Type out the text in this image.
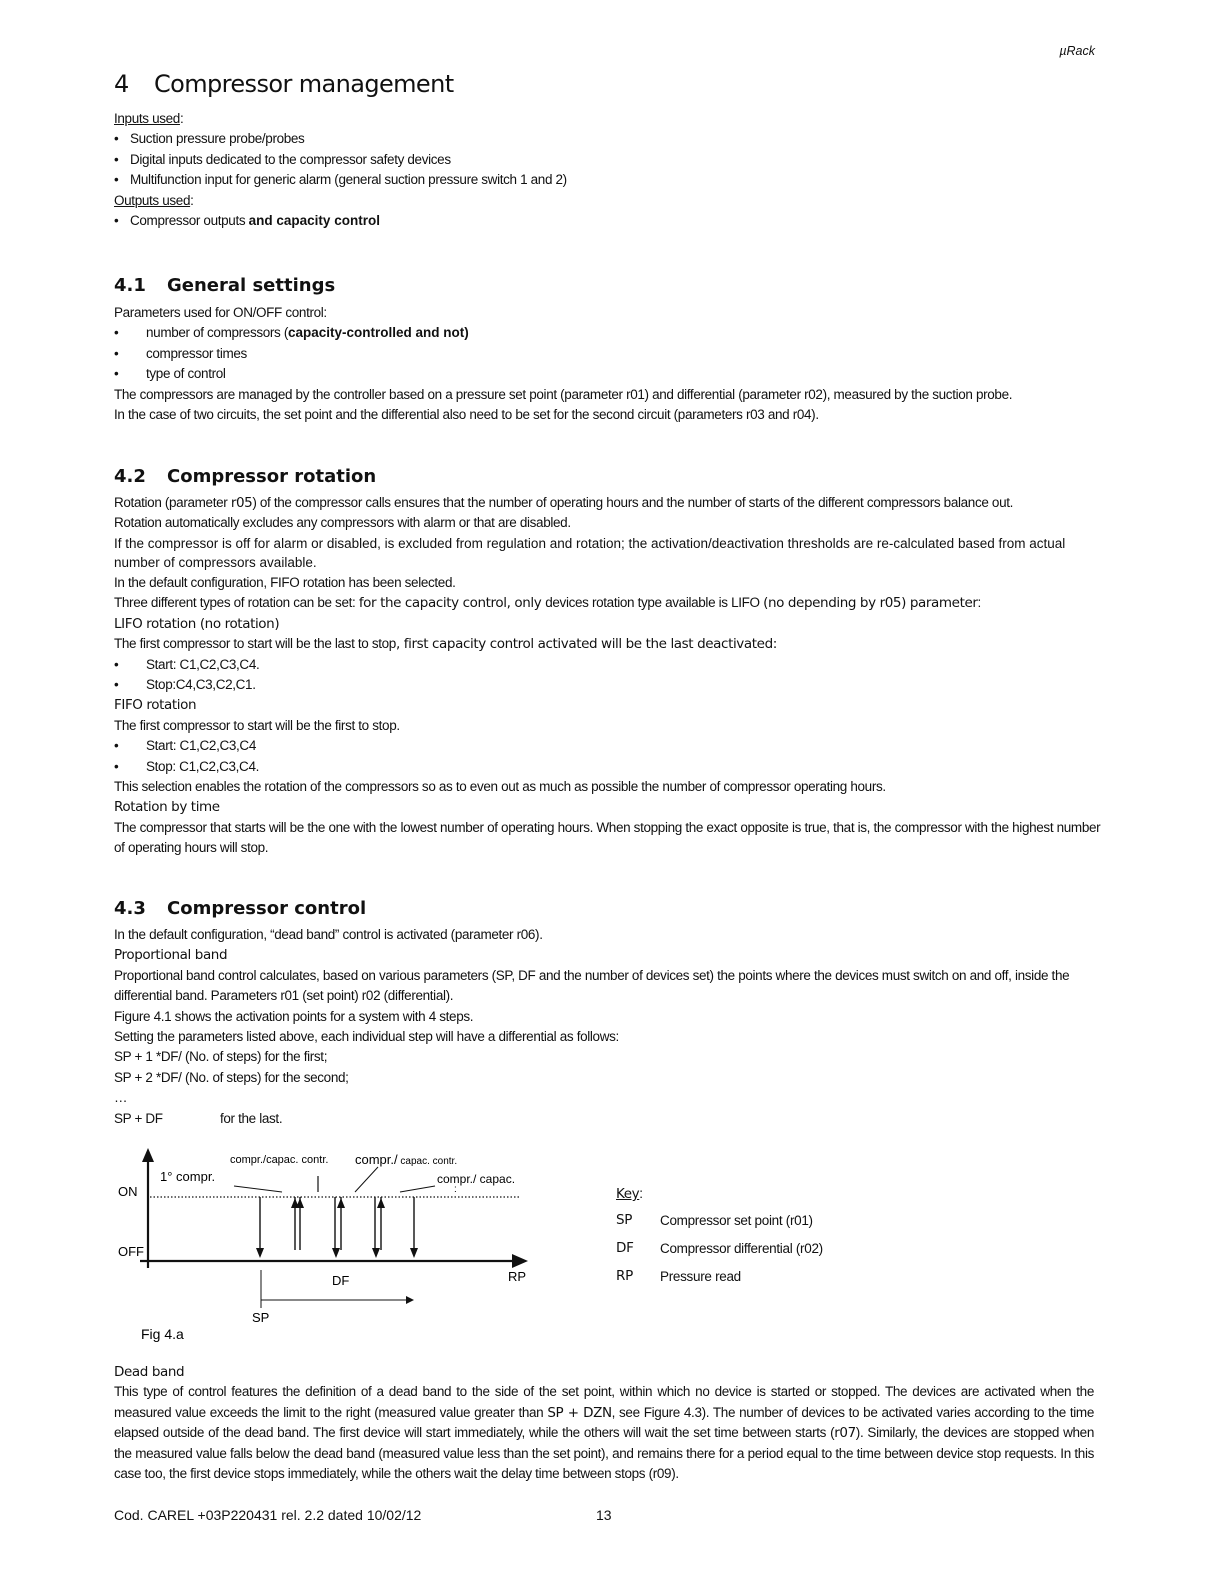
µRack
4 Compressor management
Inputs used:
• Suction pressure probe/probes
• Digital inputs dedicated to the compressor safety devices
• Multifunction input for generic alarm (general suction pressure switch 1 and 2)
Outputs used:
• Compressor outputs and capacity control
4.1 General settings
Parameters used for ON/OFF control:
• number of compressors (capacity-controlled and not)
• compressor times
• type of control
The compressors are managed by the controller based on a pressure set point (parameter r01) and differential (parameter r02), measured by the suction probe.
In the case of two circuits, the set point and the differential also need to be set for the second circuit (parameters r03 and r04).
4.2 Compressor rotation
Rotation (parameter r05) of the compressor calls ensures that the number of operating hours and the number of starts of the different compressors balance out.
Rotation automatically excludes any compressors with alarm or that are disabled.
If the compressor is off for alarm or disabled, is excluded from regulation and rotation; the activation/deactivation thresholds are re-calculated based from actual number of compressors available.
In the default configuration, FIFO rotation has been selected.
Three different types of rotation can be set: for the capacity control, only devices rotation type available is LIFO (no depending by r05) parameter:
LIFO rotation (no rotation)
The first compressor to start will be the last to stop, first capacity control activated will be the last deactivated:
• Start: C1,C2,C3,C4.
• Stop:C4,C3,C2,C1.
FIFO rotation
The first compressor to start will be the first to stop.
• Start: C1,C2,C3,C4
• Stop: C1,C2,C3,C4.
This selection enables the rotation of the compressors so as to even out as much as possible the number of compressor operating hours.
Rotation by time
The compressor that starts will be the one with the lowest number of operating hours. When stopping the exact opposite is true, that is, the compressor with the highest number of operating hours will stop.
4.3 Compressor control
In the default configuration, “dead band” control is activated (parameter r06).
Proportional band
Proportional band control calculates, based on various parameters (SP, DF and the number of devices set) the points where the devices must switch on and off, inside the differential band. Parameters r01 (set point) r02 (differential).
Figure 4.1 shows the activation points for a system with 4 steps.
Setting the parameters listed above, each individual step will have a differential as follows:
SP + 1 *DF/ (No. of steps) for the first;
SP + 2 *DF/ (No. of steps) for the second;
…
SP + DF	for the last.
ON
OFF
1° compr.
compr./capac. contr. compr./ capac. contr.
compr./ capac.
:
DF	RP
SP
Fig 4.a
Key:
SP	Compressor set point (r01)
DF	Compressor differential (r02)
RP	Pressure read
Dead band
This type of control features the definition of a dead band to the side of the set point, within which no device is started or stopped. The devices are activated when the measured value exceeds the limit to the right (measured value greater than SP + DZN, see Figure 4.3). The number of devices to be activated varies according to the time elapsed outside of the dead band. The first device will start immediately, while the others will wait the set time between starts (r07). Similarly, the devices are stopped when the measured value falls below the dead band (measured value less than the set point), and remains there for a period equal to the time between device stop requests. In this case too, the first device stops immediately, while the others wait the delay time between stops (r09).
Cod. CAREL +03P220431 rel. 2.2 dated 10/02/12	13
